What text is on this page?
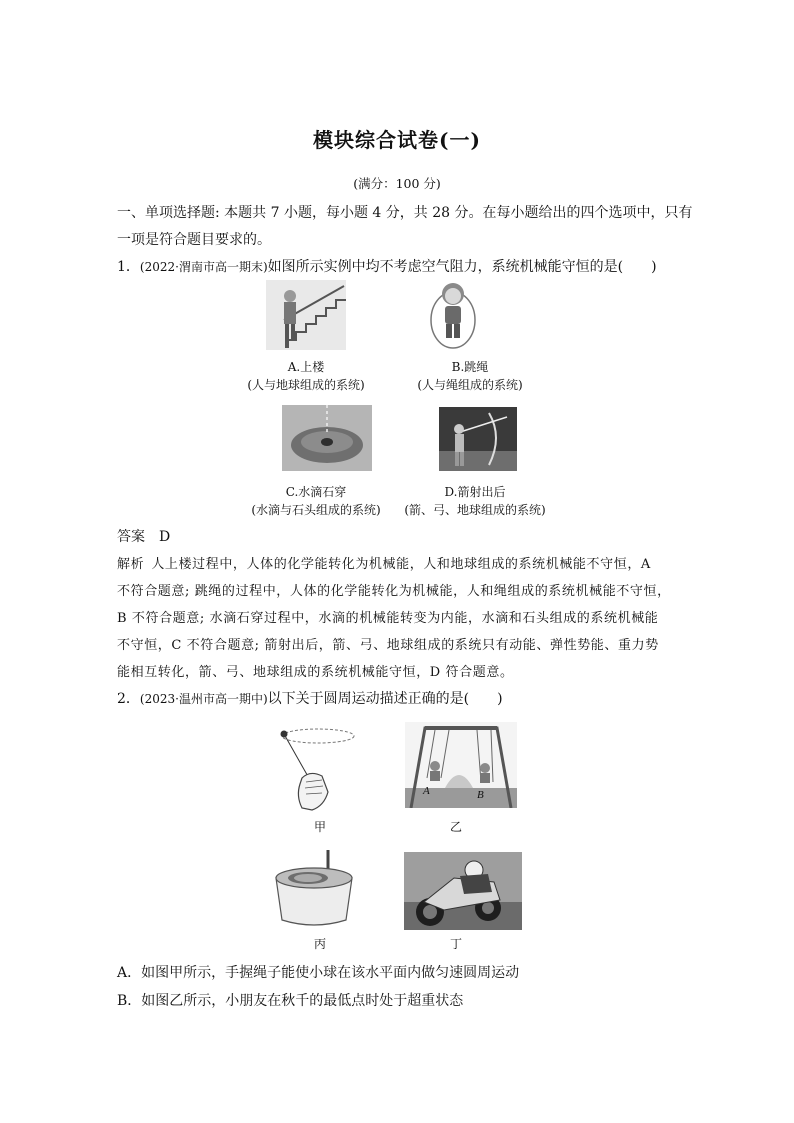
模块综合试卷(一)
(满分：100 分)
一、单项选择题: 本题共 7 小题，每小题 4 分，共 28 分。在每小题给出的四个选项中，只有
一项是符合题目要求的。
1．(2022·渭南市高一期末)如图所示实例中均不考虑空气阻力，系统机械能守恒的是(　　)
A.上楼
(人与地球组成的系统)
B.跳绳
(人与绳组成的系统)
C.水滴石穿
(水滴与石头组成的系统)
D.箭射出后
(箭、弓、地球组成的系统)
答案  D
解析  人上楼过程中，人体的化学能转化为机械能，人和地球组成的系统机械能不守恒，A
不符合题意; 跳绳的过程中，人体的化学能转化为机械能，人和绳组成的系统机械能不守恒，
B 不符合题意; 水滴石穿过程中，水滴的机械能转变为内能，水滴和石头组成的系统机械能
不守恒，C 不符合题意; 箭射出后，箭、弓、地球组成的系统只有动能、弹性势能、重力势
能相互转化，箭、弓、地球组成的系统机械能守恒，D 符合题意。
2．(2023·温州市高一期中)以下关于圆周运动描述正确的是(　　)
甲
A	B
乙
丙	丁
A．如图甲所示，手握绳子能使小球在该水平面内做匀速圆周运动
B．如图乙所示，小朋友在秋千的最低点时处于超重状态
